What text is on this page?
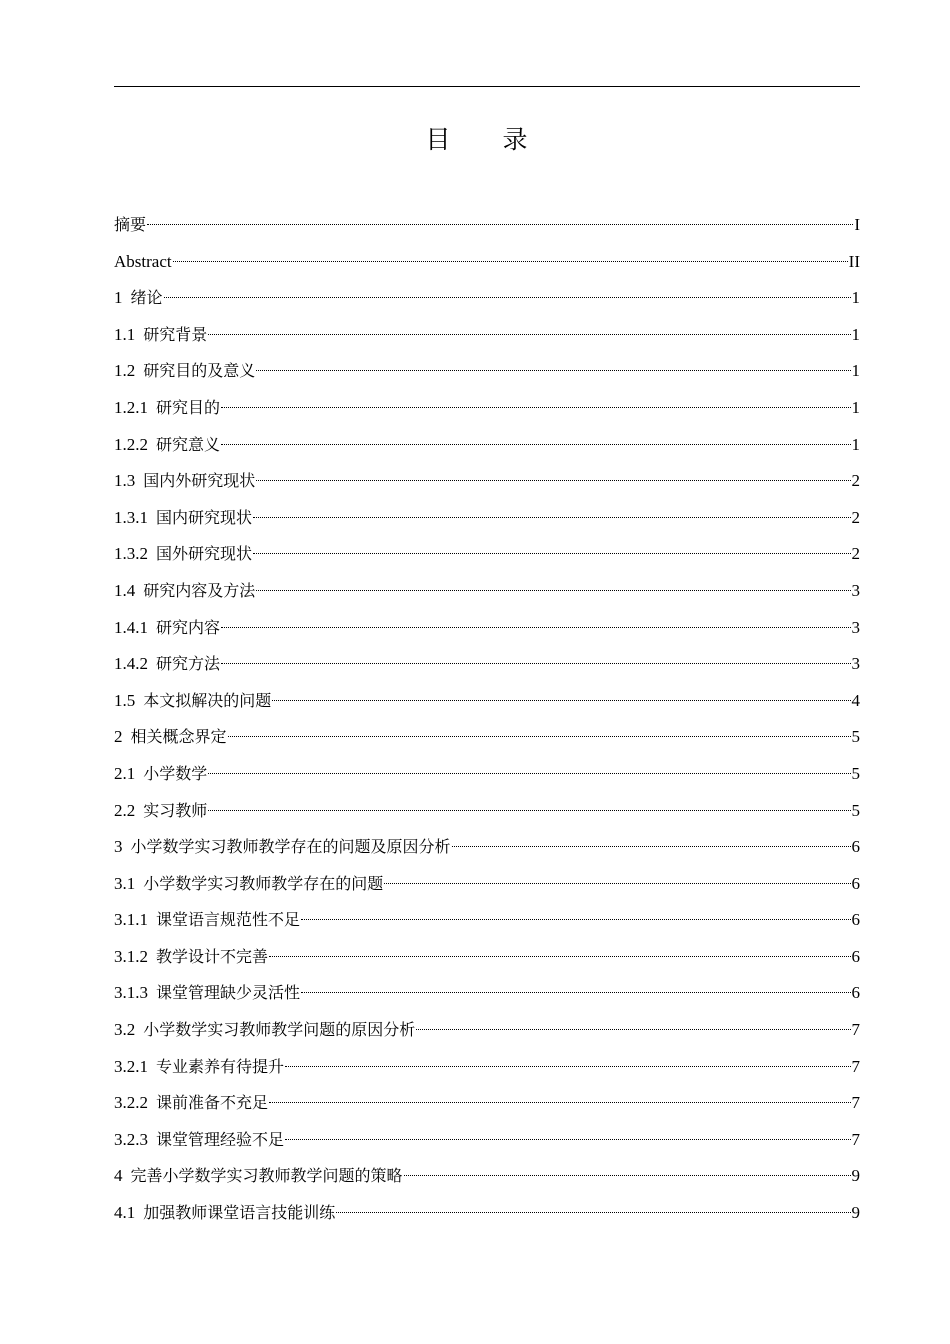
目 录
摘要	I
Abstract	II
1 绪论	1
1.1 研究背景	1
1.2 研究目的及意义	1
1.2.1 研究目的	1
1.2.2 研究意义	1
1.3 国内外研究现状	2
1.3.1 国内研究现状	2
1.3.2 国外研究现状	2
1.4 研究内容及方法	3
1.4.1 研究内容	3
1.4.2 研究方法	3
1.5 本文拟解决的问题	4
2 相关概念界定	5
2.1 小学数学	5
2.2 实习教师	5
3 小学数学实习教师教学存在的问题及原因分析	6
3.1 小学数学实习教师教学存在的问题	6
3.1.1 课堂语言规范性不足	6
3.1.2 教学设计不完善	6
3.1.3 课堂管理缺少灵活性	6
3.2 小学数学实习教师教学问题的原因分析	7
3.2.1 专业素养有待提升	7
3.2.2 课前准备不充足	7
3.2.3 课堂管理经验不足	7
4 完善小学数学实习教师教学问题的策略	9
4.1 加强教师课堂语言技能训练	9
